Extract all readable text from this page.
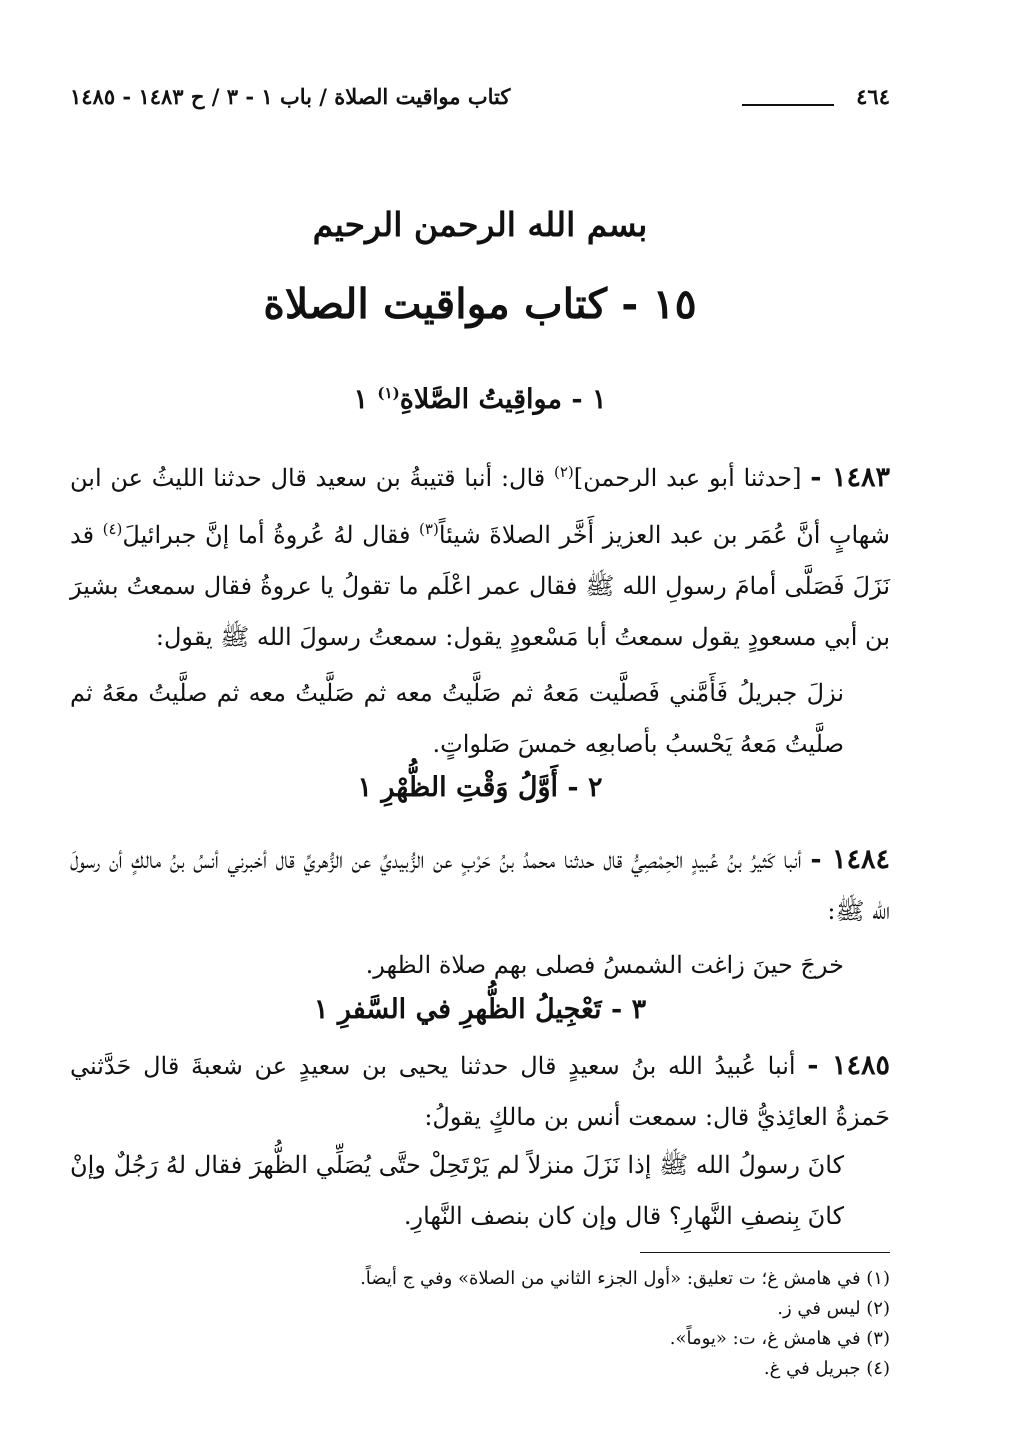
٤٦٤
كتاب مواقيت الصلاة / باب ١ - ٣ / ح ١٤٨٣ - ١٤٨٥
بسم الله الرحمن الرحيم
١٥ - كتاب مواقيت الصلاة
١ - مواقِيتُ الصَّلاةِ$^{(١)}$ ١
١٤٨٣ - [حدثنا أبو عبد الرحمن]$^{(٢)}$ قال: أنبا قتيبةُ بن سعيد قال حدثنا الليثُ عن ابن شهابٍ أنَّ عُمَر بن عبد العزيز أَخَّر الصلاةَ شيئاً$^{(٣)}$ فقال لهُ عُروةُ أما إنَّ جبرائيلَ$^{(٤)}$ قد نَزَلَ فَصَلَّى أمامَ رسولِ الله ﷺ فقال عمر اعْلَم ما تقولُ يا عروةُ فقال سمعتُ بشيرَ بن أبي مسعودٍ يقول سمعتُ أبا مَسْعودٍ يقول: سمعتُ رسولَ الله ﷺ يقول:
نزلَ جبريلُ فَأَمَّني فَصلَّيت مَعهُ ثم صَلَّيتُ معه ثم صَلَّيتُ معه ثم صلَّيتُ معَهُ ثم صلَّيتُ مَعهُ يَحْسبُ بأصابعِه خمسَ صَلواتٍ.
٢ - أَوَّلُ وَقْتِ الظُّهْرِ ١
١٤٨٤ - أنبا كَثيرُ بنُ عُبيدٍ الحِمْصِيُّ قال حدثنا محمدُ بنُ حَرْبٍ عن الزُّبيديِّ عن الزُّهريِّ قال أخبرني أنسُ بنُ مالكٍ أن رسولَ الله ﷺ:
خرجَ حينَ زاغت الشمسُ فصلى بهم صلاة الظهر.
٣ - تَعْجِيلُ الظُّهرِ في السَّفرِ ١
١٤٨٥ - أنبا عُبيدُ الله بنُ سعيدٍ قال حدثنا يحيى بن سعيدٍ عن شعبةَ قال حَدَّثني حَمزةُ العائِذيُّ قال: سمعت أنس بن مالكٍ يقولُ:
كانَ رسولُ الله ﷺ إذا نَزَلَ منزلاً لم يَرْتَحِلْ حتَّى يُصَلِّي الظُّهرَ فقال لهُ رَجُلٌ وإنْ كانَ بِنصفِ النَّهارِ؟ قال وإن كان بنصف النَّهارِ.
(١) في هامش غ؛ ت تعليق: «أول الجزء الثاني من الصلاة» وفي ج أيضاً.
(٢) ليس في ز.
(٣) في هامش غ، ت: «يوماً».
(٤) جبريل في غ.
